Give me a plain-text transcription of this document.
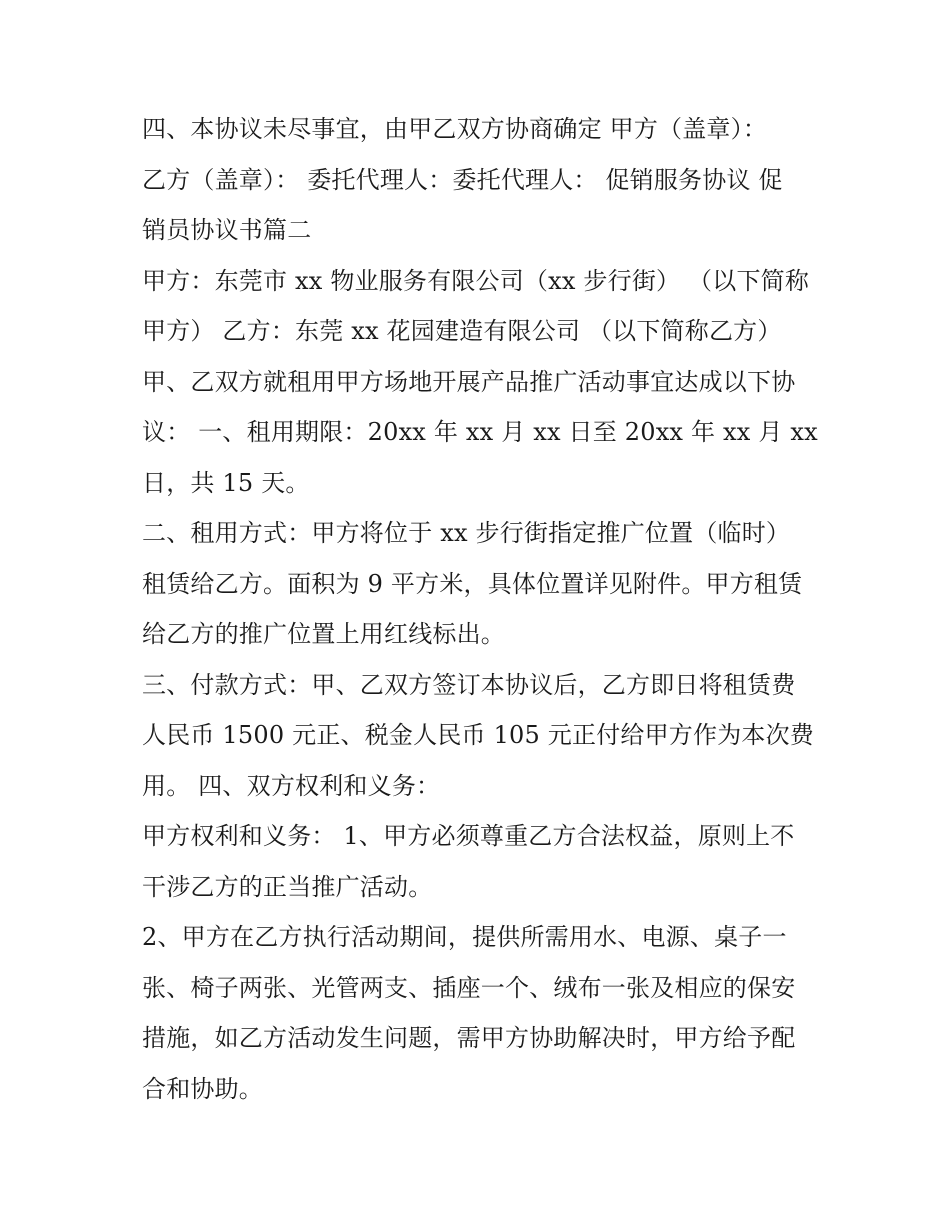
四、本协议未尽事宜，由甲乙双方协商确定 甲方（盖章）：
乙方（盖章）： 委托代理人：委托代理人： 促销服务协议 促
销员协议书篇二
甲方：东莞市 xx 物业服务有限公司（xx 步行街） （以下简称
甲方） 乙方：东莞 xx 花园建造有限公司 （以下简称乙方）
甲、乙双方就租用甲方场地开展产品推广活动事宜达成以下协
议： 一、租用期限：20xx 年 xx 月 xx 日至 20xx 年 xx 月 xx
日，共 15 天。
二、租用方式：甲方将位于 xx 步行街指定推广位置（临时）
租赁给乙方。面积为 9 平方米，具体位置详见附件。甲方租赁
给乙方的推广位置上用红线标出。
三、付款方式：甲、乙双方签订本协议后，乙方即日将租赁费
人民币 1500 元正、税金人民币 105 元正付给甲方作为本次费
用。 四、双方权利和义务：
甲方权利和义务： 1、甲方必须尊重乙方合法权益，原则上不
干涉乙方的正当推广活动。
2、甲方在乙方执行活动期间，提供所需用水、电源、桌子一
张、椅子两张、光管两支、插座一个、绒布一张及相应的保安
措施，如乙方活动发生问题，需甲方协助解决时，甲方给予配
合和协助。
